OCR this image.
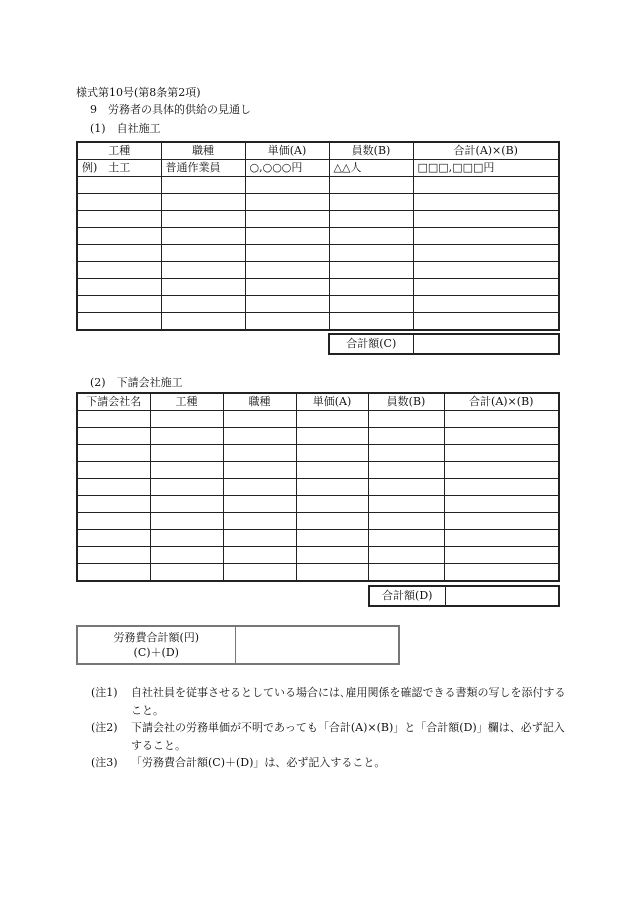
様式第10号(第8条第2項)
9　労務者の具体的供給の見通し
(1)　自社施工
工種	職種	単価(A)	員数(B)	合計(A)×(B)
例)　土工	普通作業員	○,○○○円	△△人	□□□,□□□円

合計額(C)	
(2)　下請会社施工
下請会社名	工種	職種	単価(A)	員数(B)	合計(A)×(B)

合計額(D)	
労務費合計額(円)
(C)＋(D)	
(注1)	自社社員を従事させるとしている場合には､雇用関係を確認できる書類の写しを添付すること。
(注2)	下請会社の労務単価が不明であっても「合計(A)×(B)」と「合計額(D)」欄は、必ず記入すること。
(注3)	「労務費合計額(C)＋(D)」は、必ず記入すること。
